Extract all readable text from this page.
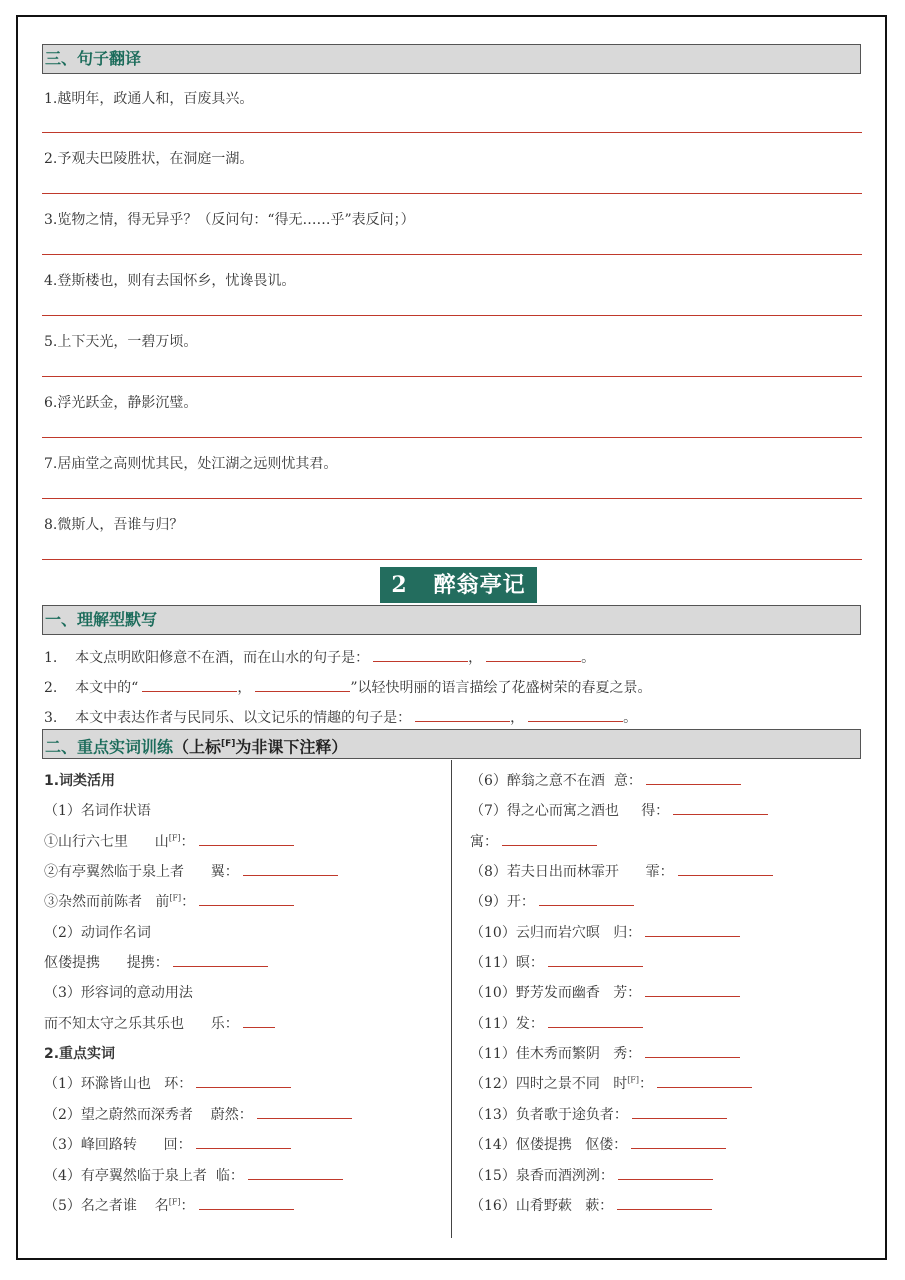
三、句子翻译
1.越明年，政通人和，百废具兴。
2.予观夫巴陵胜状，在洞庭一湖。
3.览物之情，得无异乎？（反问句：“得无……乎”表反问；）
4.登斯楼也，则有去国怀乡，忧谗畏讥。
5.上下天光，一碧万顷。
6.浮光跃金，静影沉璧。
7.居庙堂之高则忧其民，处江湖之远则忧其君。
8.微斯人，吾谁与归？
2 醉翁亭记
一、理解型默写
1. 本文点明欧阳修意不在酒，而在山水的句子是：	，	。
2. 本文中的“	，	”以轻快明丽的语言描绘了花盛树荣的春夏之景。
3. 本文中表达作者与民同乐、以文记乐的情趣的句子是：	，	。
二、重点实词训练（上标[F]为非课下注释）
1.词类活用
（1）名词作状语
①山行六七里 山[F]：
②有亭翼然临于泉上者 翼：
③杂然而前陈者 前[F]：
（2）动词作名词
伛偻提携 提携：
（3）形容词的意动用法
而不知太守之乐其乐也 乐：
2.重点实词
（1）环滁皆山也 环：
（2）望之蔚然而深秀者 蔚然：
（3）峰回路转 回：
（4）有亭翼然临于泉上者 临：
（5）名之者谁 名[F]：
（6）醉翁之意不在酒 意：
（7）得之心而寓之酒也 得：
寓：
（8）若夫日出而林霏开 霏：
（9）开：
（10）云归而岩穴暝 归：
（11）暝：
（10）野芳发而幽香 芳：
（11）发：
（11）佳木秀而繁阴 秀：
（12）四时之景不同 时[F]：
（13）负者歌于途负者：
（14）伛偻提携 伛偻：
（15）泉香而酒洌洌：
（16）山肴野蔌 蔌：
